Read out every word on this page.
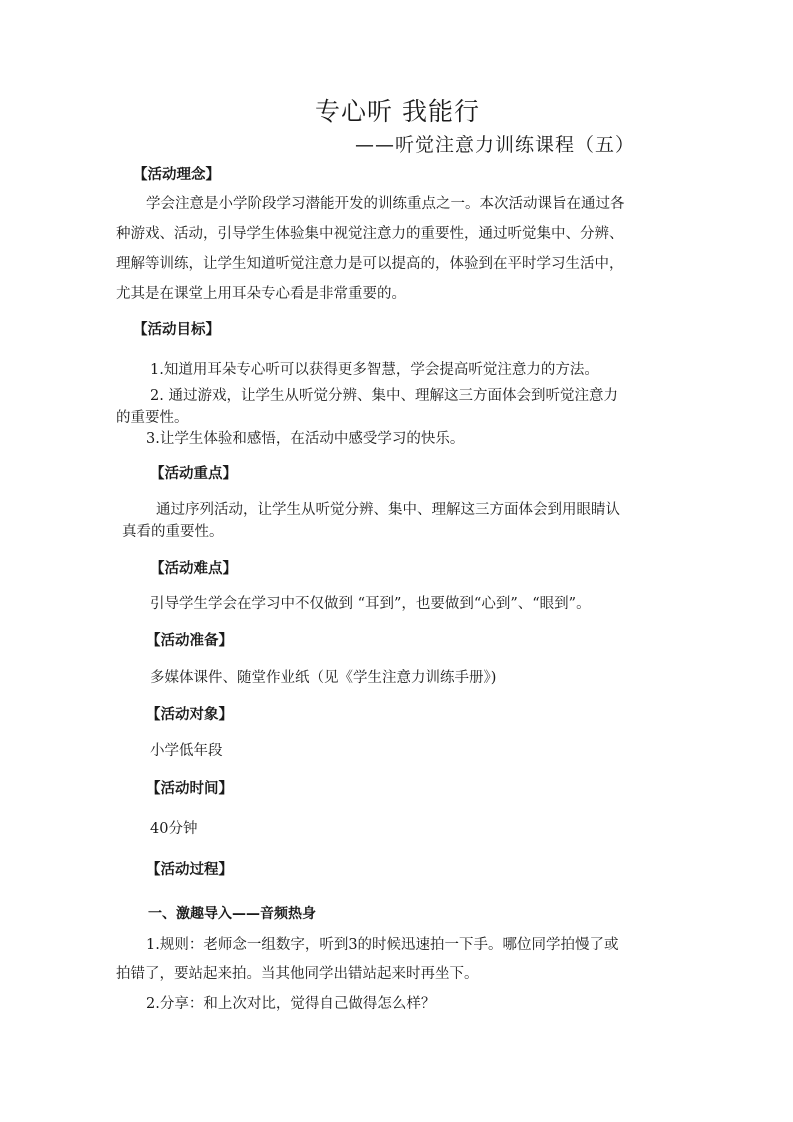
专心听 我能行
——听觉注意力训练课程（五）
【活动理念】
学会注意是小学阶段学习潜能开发的训练重点之一。本次活动课旨在通过各
种游戏、活动，引导学生体验集中视觉注意力的重要性，通过听觉集中、分辨、
理解等训练，让学生知道听觉注意力是可以提高的，体验到在平时学习生活中，
尤其是在课堂上用耳朵专心看是非常重要的。
【活动目标】
1.知道用耳朵专心听可以获得更多智慧，学会提高听觉注意力的方法。
2. 通过游戏，让学生从听觉分辨、集中、理解这三方面体会到听觉注意力
的重要性。
3.让学生体验和感悟，在活动中感受学习的快乐。
【活动重点】
通过序列活动，让学生从听觉分辨、集中、理解这三方面体会到用眼睛认
真看的重要性。
【活动难点】
引导学生学会在学习中不仅做到 “耳到”，也要做到“心到”、“眼到”。
【活动准备】
多媒体课件、随堂作业纸（见《学生注意力训练手册》)
【活动对象】
小学低年段
【活动时间】
40分钟
【活动过程】
一、激趣导入——音频热身
1.规则：老师念一组数字，听到3的时候迅速拍一下手。哪位同学拍慢了或
拍错了，要站起来拍。当其他同学出错站起来时再坐下。
2.分享：和上次对比，觉得自己做得怎么样？
